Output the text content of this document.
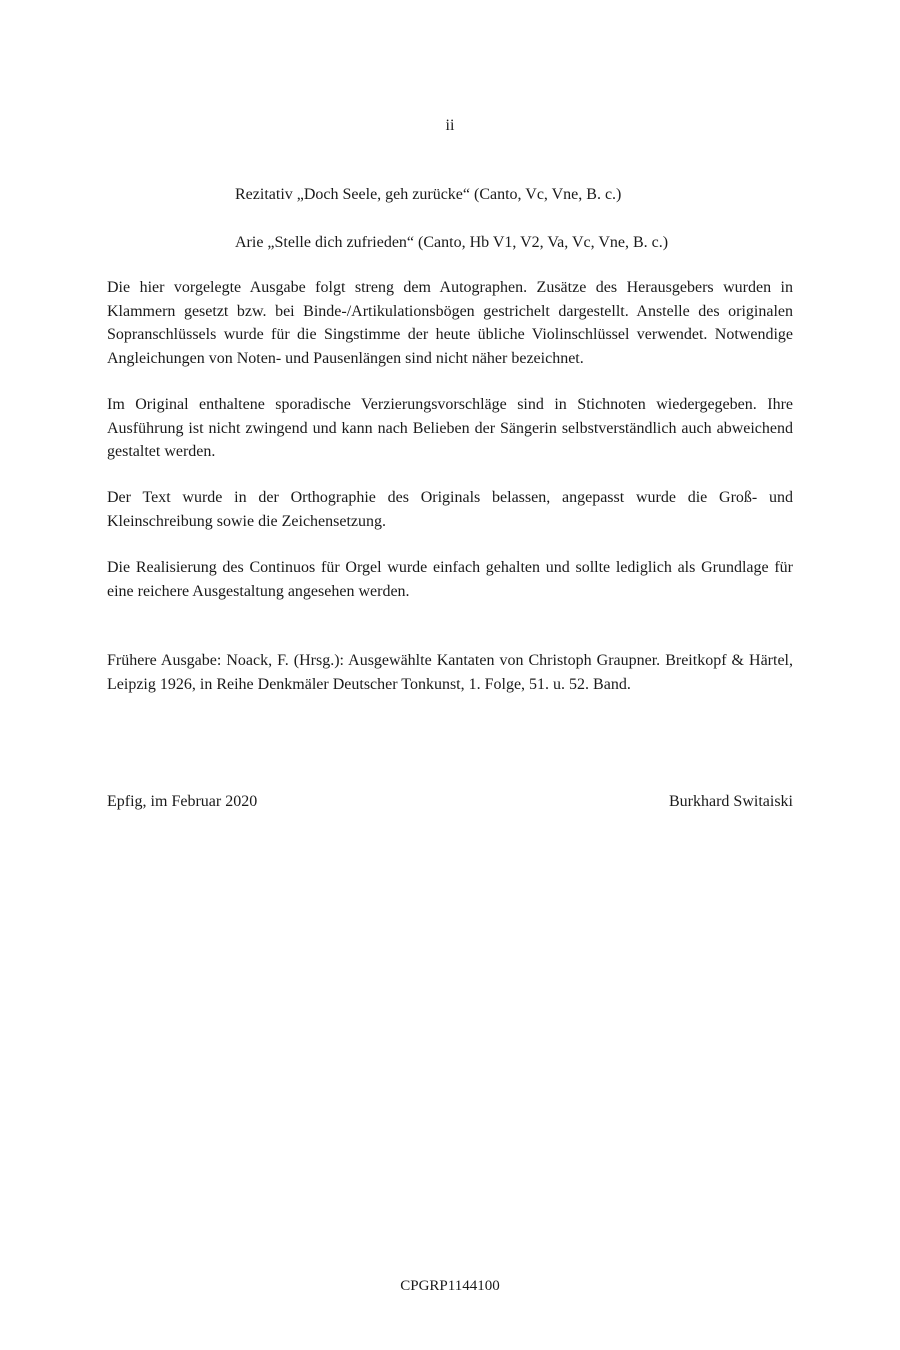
ii
Rezitativ „Doch Seele, geh zurücke“ (Canto, Vc, Vne, B. c.)
Arie „Stelle dich zufrieden“ (Canto, Hb V1, V2, Va, Vc, Vne, B. c.)

Die hier vorgelegte Ausgabe folgt streng dem Autographen. Zusätze des Herausgebers wurden in Klammern gesetzt bzw. bei Binde-/Artikulationsbögen gestrichelt dargestellt. Anstelle des originalen Sopranschlüssels wurde für die Singstimme der heute übliche Violinschlüssel verwendet. Notwendige Angleichungen von Noten- und Pausenlängen sind nicht näher bezeichnet.

Im Original enthaltene sporadische Verzierungsvorschläge sind in Stichnoten wiedergegeben. Ihre Ausführung ist nicht zwingend und kann nach Belieben der Sängerin selbstverständlich auch abweichend gestaltet werden.

Der Text wurde in der Orthographie des Originals belassen, angepasst wurde die Groß- und Kleinschreibung sowie die Zeichensetzung.

Die Realisierung des Continuos für Orgel wurde einfach gehalten und sollte lediglich als Grundlage für eine reichere Ausgestaltung angesehen werden.

Frühere Ausgabe: Noack, F. (Hrsg.): Ausgewählte Kantaten von Christoph Graupner. Breitkopf & Härtel, Leipzig 1926, in Reihe Denkmäler Deutscher Tonkunst, 1. Folge, 51. u. 52. Band.

Epfig, im Februar 2020	Burkhard Switaiski
CPGRP1144100
